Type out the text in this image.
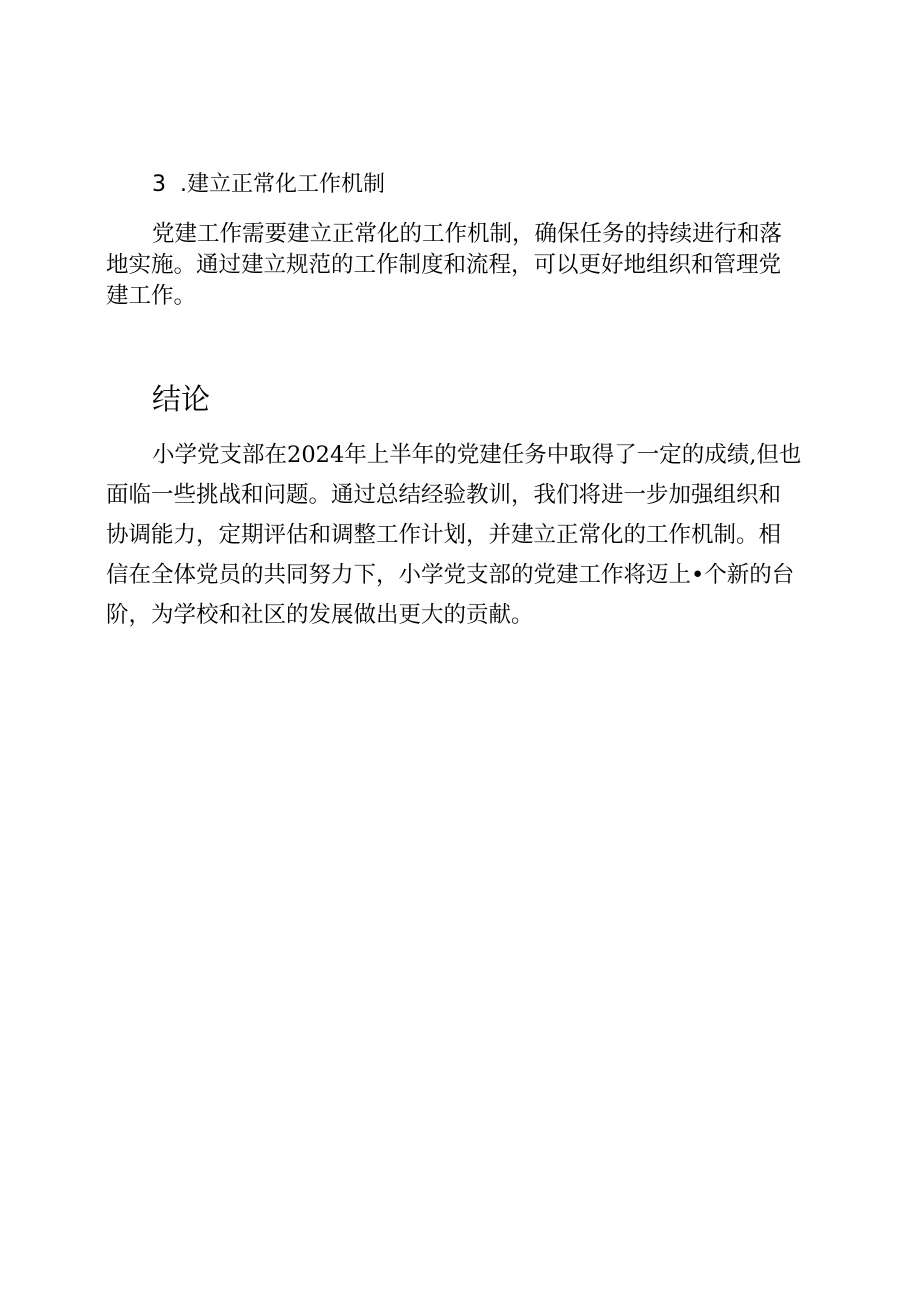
3 .建立正常化工作机制
党建工作需要建立正常化的工作机制，确保任务的持续进行和落
地实施。通过建立规范的工作制度和流程，可以更好地组织和管理党
建工作。
结论
小学党支部在2024年上半年的党建任务中取得了一定的成绩,但也
面临一些挑战和问题。通过总结经验教训，我们将进一步加强组织和
协调能力，定期评估和调整工作计划，并建立正常化的工作机制。相
信在全体党员的共同努力下，小学党支部的党建工作将迈上•个新的台
阶，为学校和社区的发展做出更大的贡献。
